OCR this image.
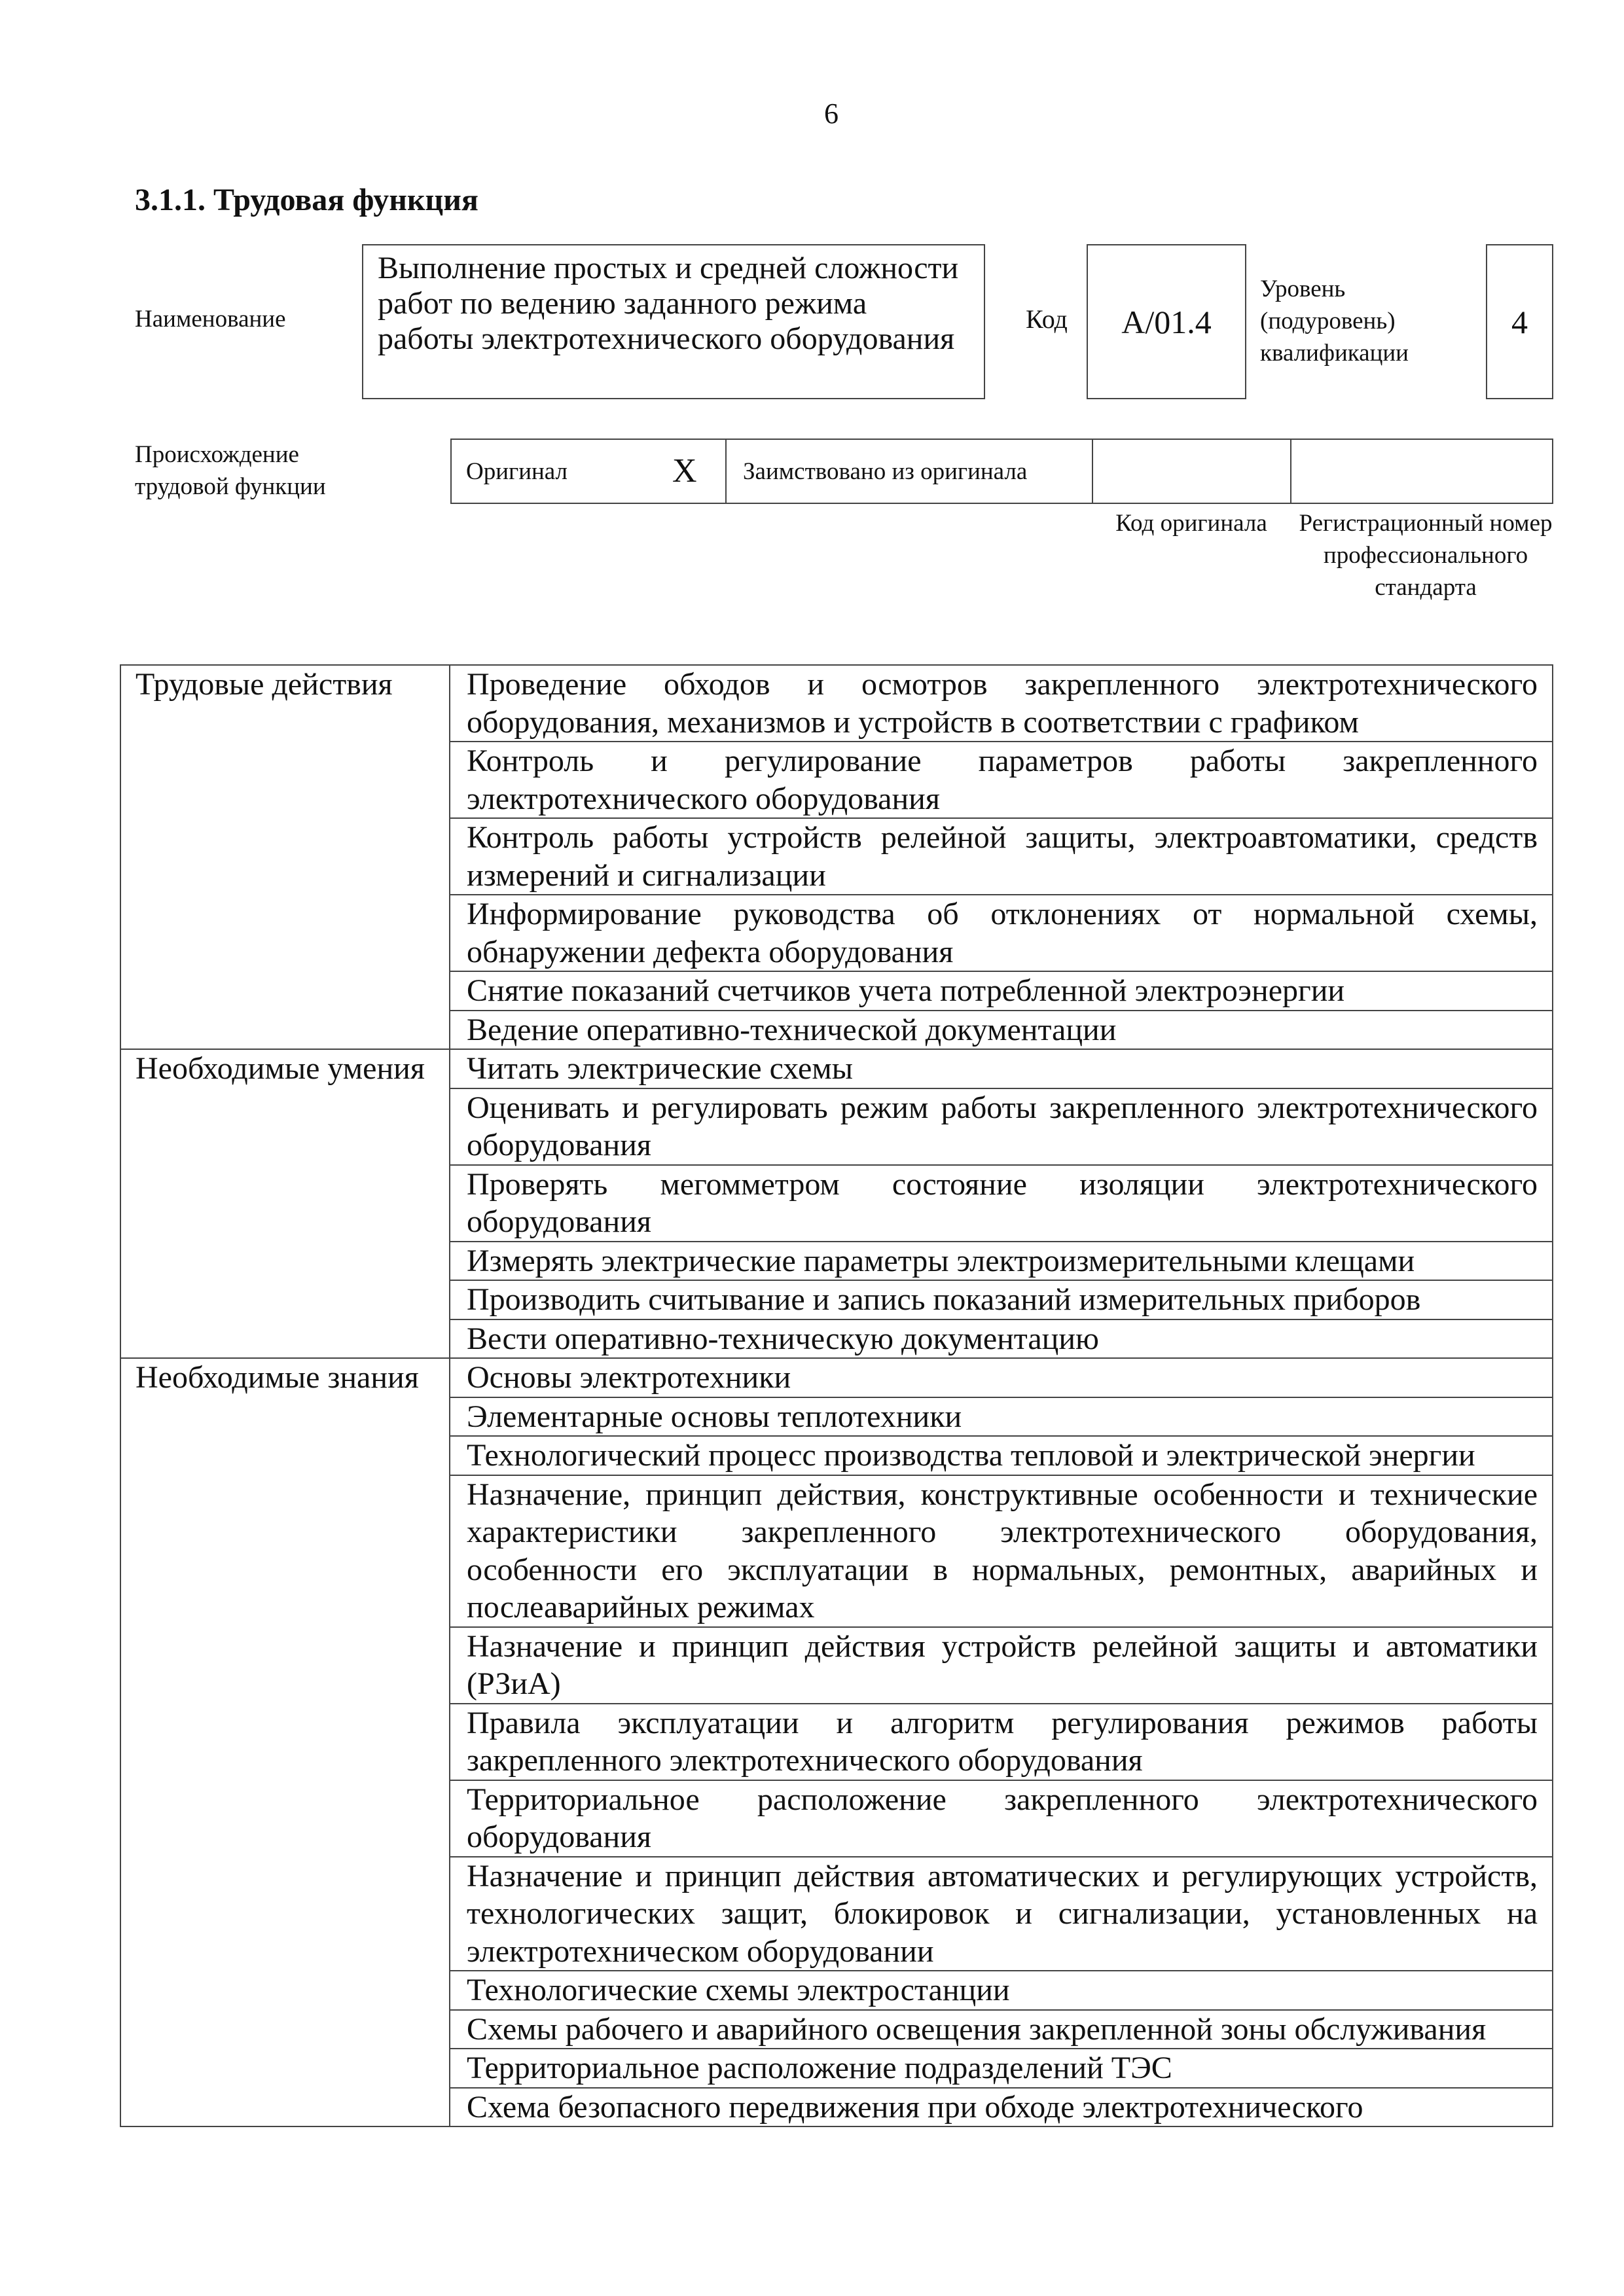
6
3.1.1. Трудовая функция
Наименование
Выполнение простых и средней сложности работ по ведению заданного режима работы электротехнического оборудования
Код	А/01.4
Уровень (подуровень) квалификации
4
Происхождение трудовой функции
Оригинал	X Заимствовано из оригинала
Код оригинала Регистрационный номер профессионального стандарта
Трудовые действия	Проведение обходов и осмотров закрепленного электротехнического оборудования, механизмов и устройств в соответствии с графиком
	Контроль и регулирование параметров работы закрепленного электротехнического оборудования
	Контроль работы устройств релейной защиты, электроавтоматики, средств измерений и сигнализации
	Информирование руководства об отклонениях от нормальной схемы, обнаружении дефекта оборудования
	Снятие показаний счетчиков учета потребленной электроэнергии
	Ведение оперативно-технической документации
Необходимые умения	Читать электрические схемы
	Оценивать и регулировать режим работы закрепленного электротехнического оборудования
	Проверять мегомметром состояние изоляции электротехнического оборудования
	Измерять электрические параметры электроизмерительными клещами
	Производить считывание и запись показаний измерительных приборов
	Вести оперативно-техническую документацию
Необходимые знания	Основы электротехники
	Элементарные основы теплотехники
	Технологический процесс производства тепловой и электрической энергии
	Назначение, принцип действия, конструктивные особенности и технические характеристики закрепленного электротехнического оборудования, особенности его эксплуатации в нормальных, ремонтных, аварийных и послеаварийных режимах
	Назначение и принцип действия устройств релейной защиты и автоматики (РЗиА)
	Правила эксплуатации и алгоритм регулирования режимов работы закрепленного электротехнического оборудования
	Территориальное расположение закрепленного электротехнического оборудования
	Назначение и принцип действия автоматических и регулирующих устройств, технологических защит, блокировок и сигнализации, установленных на электротехническом оборудовании
	Технологические схемы электростанции
	Схемы рабочего и аварийного освещения закрепленной зоны обслуживания
	Территориальное расположение подразделений ТЭС
	Схема безопасного передвижения при обходе электротехнического
